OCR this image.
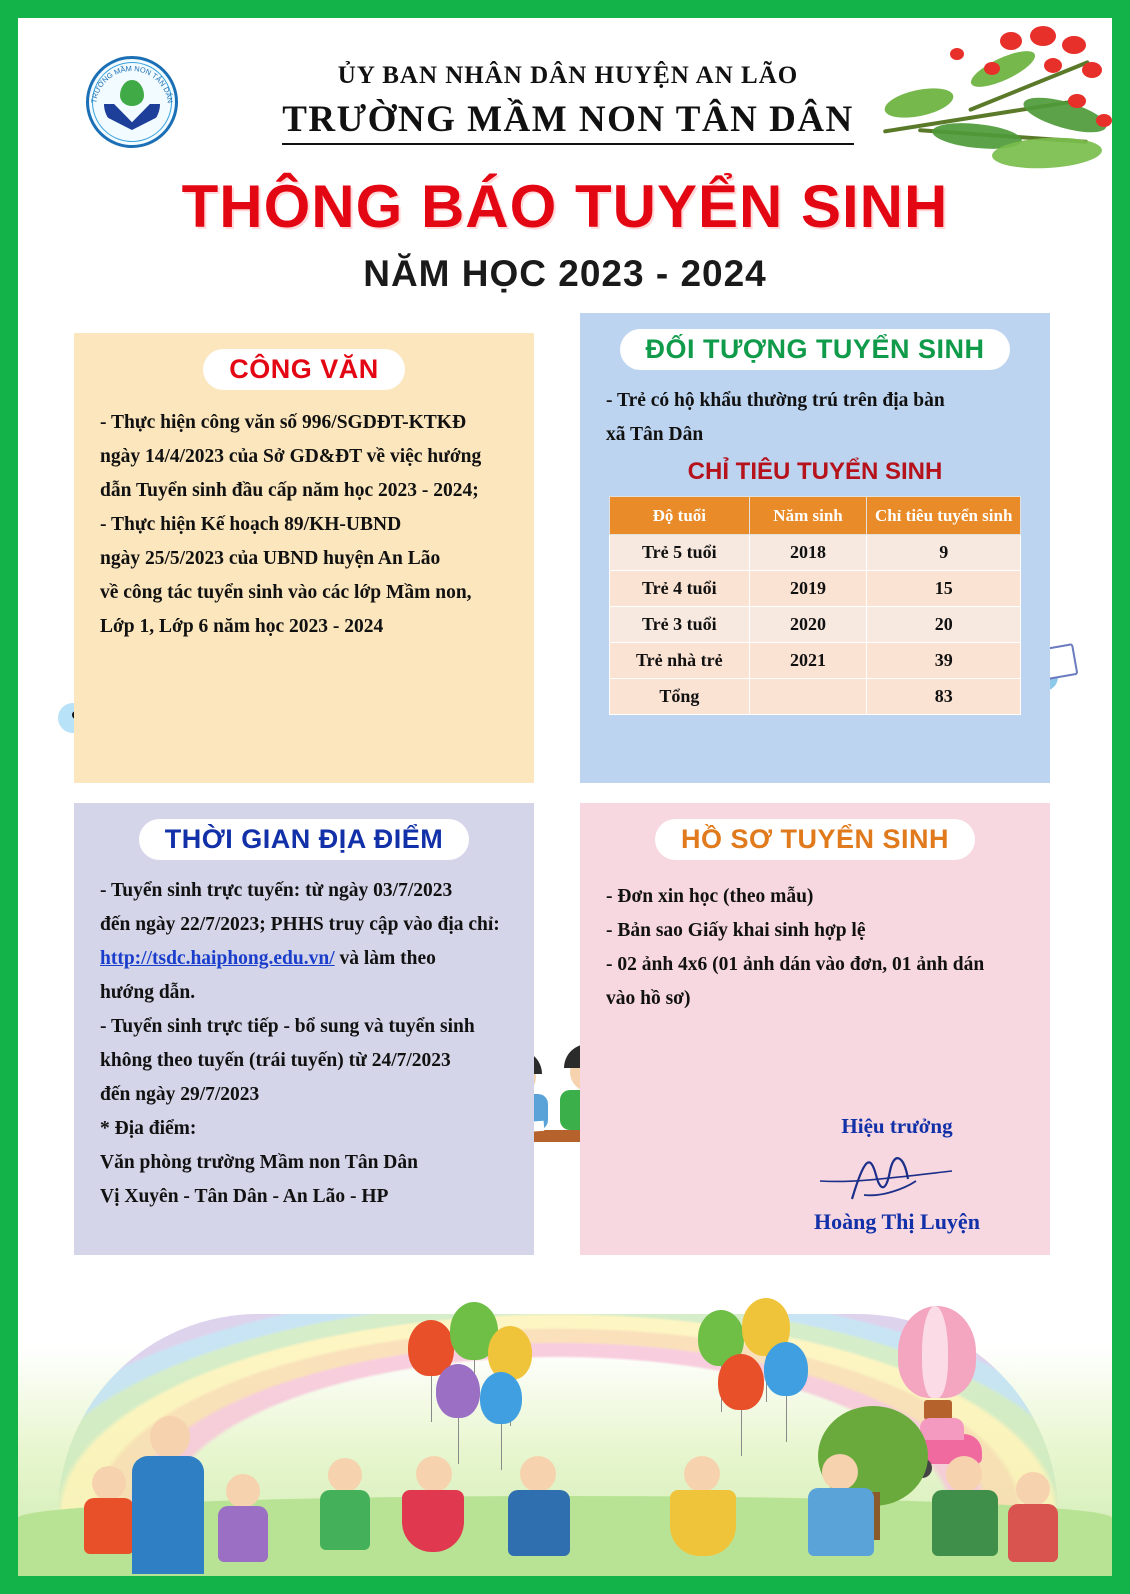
TRƯỜNG MẦM NON TÂN DÂN
ỦY BAN NHÂN DÂN HUYỆN AN LÃO
TRƯỜNG MẦM NON TÂN DÂN
THÔNG BÁO TUYỂN SINH
NĂM HỌC 2023 - 2024
CÔNG VĂN

- Thực hiện công văn số 996/SGDĐT-KTKĐ

ngày 14/4/2023 của Sở GD&ĐT về việc hướng

dẫn Tuyển sinh đầu cấp năm học 2023 - 2024;

- Thực hiện Kế hoạch 89/KH-UBND

ngày 25/5/2023 của UBND huyện An Lão

về công tác tuyển sinh vào các lớp Mầm non,

Lớp 1, Lớp 6 năm học 2023 - 2024

ĐỐI TƯỢNG TUYỂN SINH

- Trẻ có hộ khẩu thường trú trên địa bàn

xã Tân Dân

CHỈ TIÊU TUYỂN SINH
Độ tuổi	Năm sinh	Chỉ tiêu tuyển sinh
Trẻ 5 tuổi	2018	9
Trẻ 4 tuổi	2019	15
Trẻ 3 tuổi	2020	20
Trẻ nhà trẻ	2021	39
Tổng		83
THỜI GIAN ĐỊA ĐIỂM

- Tuyển sinh trực tuyến: từ ngày 03/7/2023

đến ngày 22/7/2023; PHHS truy cập vào địa chỉ:

http://tsdc.haiphong.edu.vn/ và làm theo

hướng dẫn.

- Tuyển sinh trực tiếp - bổ sung và tuyển sinh

không theo tuyến (trái tuyến) từ 24/7/2023

đến ngày 29/7/2023

* Địa điểm:

Văn phòng trường Mầm non Tân Dân

Vị Xuyên - Tân Dân - An Lão - HP

HỒ SƠ TUYỂN SINH

- Đơn xin học (theo mẫu)

- Bản sao Giấy khai sinh hợp lệ

- 02 ảnh 4x6 (01 ảnh dán vào đơn, 01 ảnh dán

vào hồ sơ)

Hiệu trưởng
Hoàng Thị Luyện
